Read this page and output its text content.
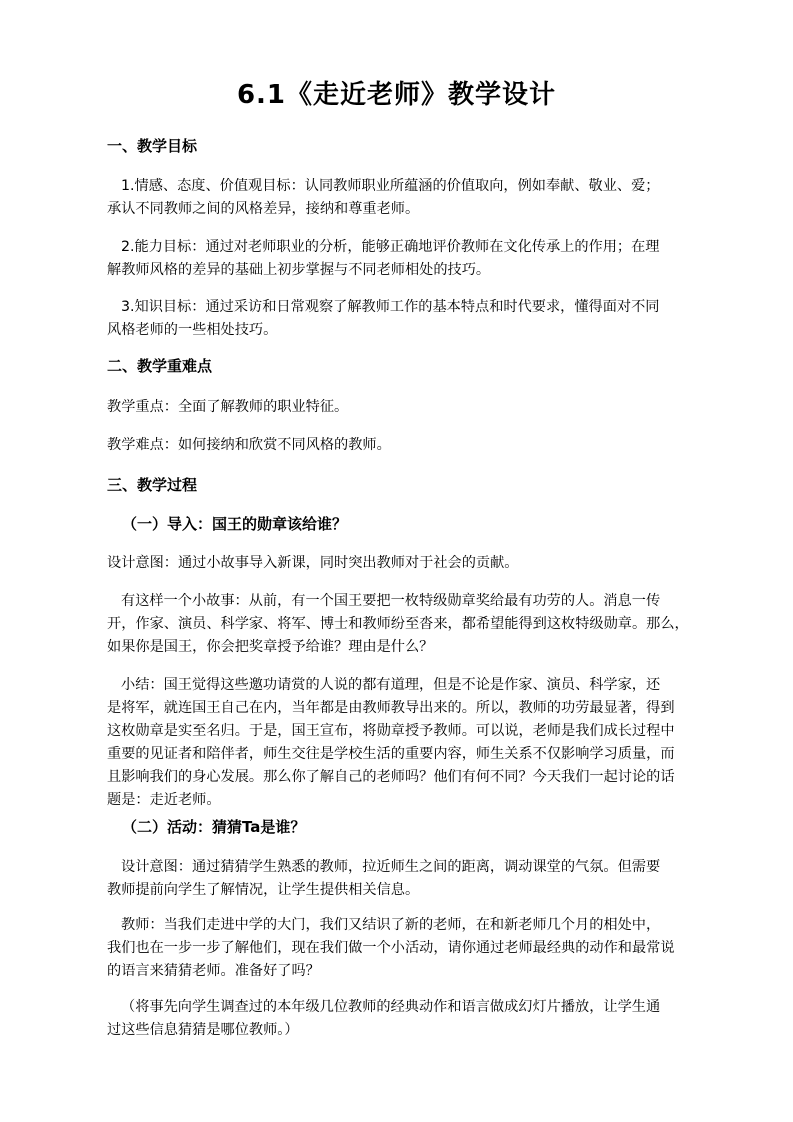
6.1《走近老师》教学设计
一、教学目标

1.情感、态度、价值观目标：认同教师职业所蕴涵的价值取向，例如奉献、敬业、爱；
承认不同教师之间的风格差异，接纳和尊重老师。

2.能力目标：通过对老师职业的分析，能够正确地评价教师在文化传承上的作用；在理
解教师风格的差异的基础上初步掌握与不同老师相处的技巧。

3.知识目标：通过采访和日常观察了解教师工作的基本特点和时代要求，懂得面对不同
风格老师的一些相处技巧。

二、教学重难点

教学重点：全面了解教师的职业特征。

教学难点：如何接纳和欣赏不同风格的教师。

三、教学过程
（一）导入：国王的勋章该给谁？

设计意图：通过小故事导入新课，同时突出教师对于社会的贡献。

有这样一个小故事：从前，有一个国王要把一枚特级勋章奖给最有功劳的人。消息一传
开，作家、演员、科学家、将军、博士和教师纷至沓来，都希望能得到这枚特级勋章。那么，
如果你是国王，你会把奖章授予给谁？理由是什么？

小结：国王觉得这些邀功请赏的人说的都有道理，但是不论是作家、演员、科学家，还
是将军，就连国王自己在内，当年都是由教师教导出来的。所以，教师的功劳最显著，得到
这枚勋章是实至名归。于是，国王宣布，将勋章授予教师。可以说，老师是我们成长过程中
重要的见证者和陪伴者，师生交往是学校生活的重要内容，师生关系不仅影响学习质量，而
且影响我们的身心发展。那么你了解自己的老师吗？他们有何不同？今天我们一起讨论的话
题是：走近老师。

（二）活动：猜猜Ta是谁？

设计意图：通过猜猜学生熟悉的教师，拉近师生之间的距离，调动课堂的气氛。但需要
教师提前向学生了解情况，让学生提供相关信息。

教师：当我们走进中学的大门，我们又结识了新的老师，在和新老师几个月的相处中，
我们也在一步一步了解他们，现在我们做一个小活动，请你通过老师最经典的动作和最常说
的语言来猜猜老师。准备好了吗？

（将事先向学生调查过的本年级几位教师的经典动作和语言做成幻灯片播放，让学生通
过这些信息猜猜是哪位教师。）
